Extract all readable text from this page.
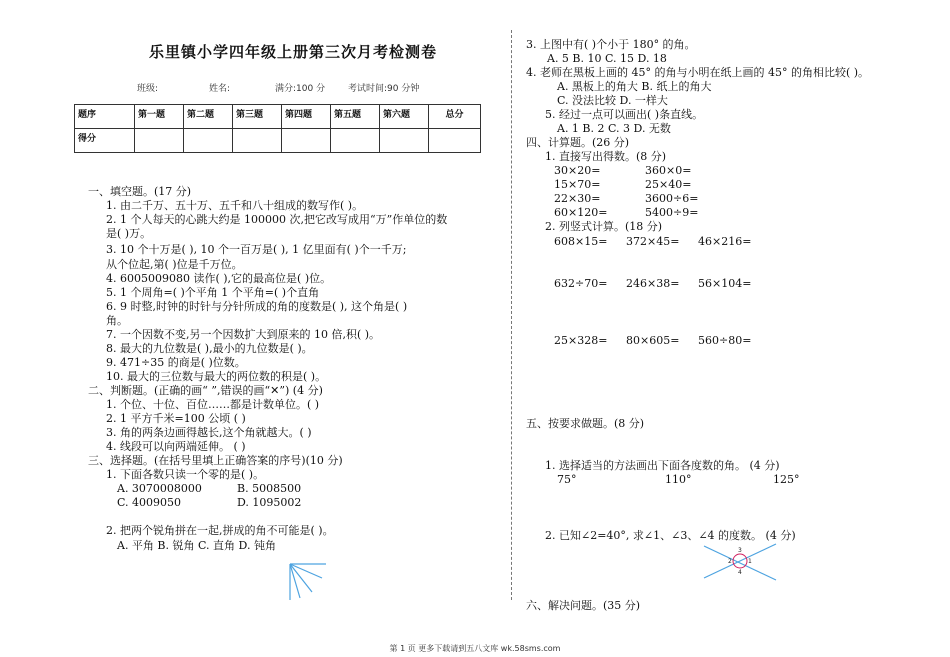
乐里镇小学四年级上册第三次月考检测卷
班级:	姓名:	满分:100 分	考试时间:90 分钟
题序	第一题	第二题	第三题	第四题	第五题	第六题	总分
得分							
一、填空题。(17 分)
1. 由二千万、五十万、五千和八十组成的数写作( )。
2. 1 个人每天的心跳大约是 100000 次,把它改写成用“万”作单位的数
是( )万。
3. 10 个十万是( ), 10 个一百万是( ), 1 亿里面有( )个一千万;
从个位起,第( )位是千万位。
4. 6005009080 读作( ),它的最高位是( )位。
5. 1 个周角=( )个平角 1 个平角=( )个直角
6. 9 时整,时钟的时针与分针所成的角的度数是( ), 这个角是( )
角。
7. 一个因数不变,另一个因数扩大到原来的 10 倍,积( )。
8. 最大的九位数是( ),最小的九位数是( )。
9. 471÷35 的商是( )位数。
10. 最大的三位数与最大的两位数的积是( )。
二、判断题。(正确的画“ ”,错误的画“✕”) (4 分)
1. 个位、十位、百位……都是计数单位。( )
2. 1 平方千米=100 公顷 ( )
3. 角的两条边画得越长,这个角就越大。( )
4. 线段可以向两端延伸。 ( )
三、选择题。(在括号里填上正确答案的序号)(10 分)
1. 下面各数只读一个零的是( )。
A. 3070008000	B. 5008500
C. 4009050	D. 1095002
2. 把两个锐角拼在一起,拼成的角不可能是( )。
A. 平角 B. 锐角 C. 直角 D. 钝角
3. 上图中有( )个小于 180° 的角。
A. 5 B. 10 C. 15 D. 18
4. 老师在黑板上画的 45° 的角与小明在纸上画的 45° 的角相比较( )。
A. 黑板上的角大 B. 纸上的角大
C. 没法比较 D. 一样大
5. 经过一点可以画出( )条直线。
A. 1 B. 2 C. 3 D. 无数
四、计算题。(26 分)
1. 直接写出得数。(8 分)
30×20=	360×0=
15×70=	25×40=
22×30=	3600÷6=
60×120=	5400÷9=
2. 列竖式计算。(18 分)
608×15= 372×45= 46×216=
632÷70= 246×38= 56×104=
25×328= 80×605= 560÷80=
五、按要求做题。(8 分)
1. 选择适当的方法画出下面各度数的角。 (4 分)
75°	110°	125°
2. 已知∠2=40°, 求∠1、∠3、∠4 的度数。 (4 分)
3
2	1
4
六、解决问题。(35 分)
第 1 页 更多下载请到五八文库 wk.58sms.com
